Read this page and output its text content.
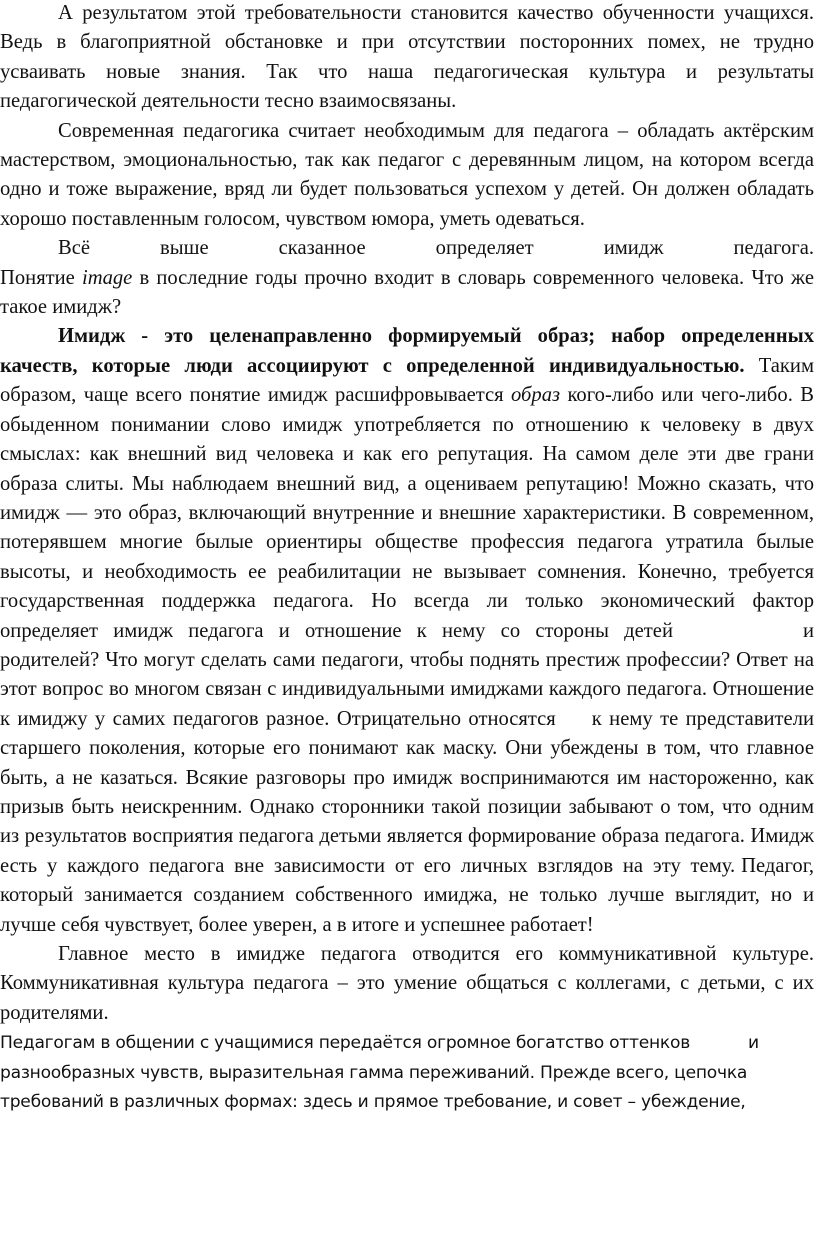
А результатом этой требовательности становится качество обученности учащихся. Ведь в благоприятной обстановке и при отсутствии посторонних помех, не трудно усваивать новые знания. Так что наша педагогическая культура и результаты педагогической деятельности тесно взаимосвязаны.

Современная педагогика считает необходимым для педагога – обладать актёрским мастерством, эмоциональностью, так как педагог с деревянным лицом, на котором всегда одно и тоже выражение, вряд ли будет пользоваться успехом у детей. Он должен обладать хорошо поставленным голосом, чувством юмора, уметь одеваться.

Всё выше сказанное определяет имидж педагога.
Понятие image в последние годы прочно входит в словарь современного человека. Что же такое имидж?

Имидж - это целенаправленно формируемый образ; набор определенных качеств, которые люди ассоциируют с определенной индивидуальностью. Таким образом, чаще всего понятие имидж расшифровывается образ кого-либо или чего-либо. В обыденном понимании слово имидж употребляется по отношению к человеку в двух смыслах: как внешний вид человека и как его репутация. На самом деле эти две грани образа слиты. Мы наблюдаем внешний вид, а оцениваем репутацию! Можно сказать, что имидж — это образ, включающий внутренние и внешние характеристики. В современном, потерявшем многие былые ориентиры обществе профессия педагога утратила былые высоты, и необходимость ее реабилитации не вызывает сомнения. Конечно, требуется государственная поддержка педагога. Но всегда ли только экономический фактор определяет имидж педагога и отношение к нему со стороны детей	и родителей? Что могут сделать сами педагоги, чтобы поднять престиж профессии? Ответ на этот вопрос во многом связан с индивидуальными имиджами каждого педагога. Отношение к имиджу у самих педагогов разное. Отрицательно относятся к нему те представители старшего поколения, которые его понимают как маску. Они убеждены в том, что главное быть, а не казаться. Всякие разговоры про имидж воспринимаются им настороженно, как призыв быть неискренним. Однако сторонники такой позиции забывают о том, что одним из результатов восприятия педагога детьми является формирование образа педагога. Имидж есть у каждого педагога вне зависимости от его личных взглядов на эту тему. Педагог, который занимается созданием собственного имиджа, не только лучше выглядит, но и лучше себя чувствует, более уверен, а в итоге и успешнее работает!

Главное место в имидже педагога отводится его коммуникативной культуре. Коммуникативная культура педагога – это умение общаться с коллегами, с детьми, с их родителями.

Педагогам в общении с учащимися передаётся огромное богатство оттенков	и
разнообразных чувств, выразительная гамма переживаний. Прежде всего, цепочка
требований в различных формах: здесь и прямое требование, и совет – убеждение,
